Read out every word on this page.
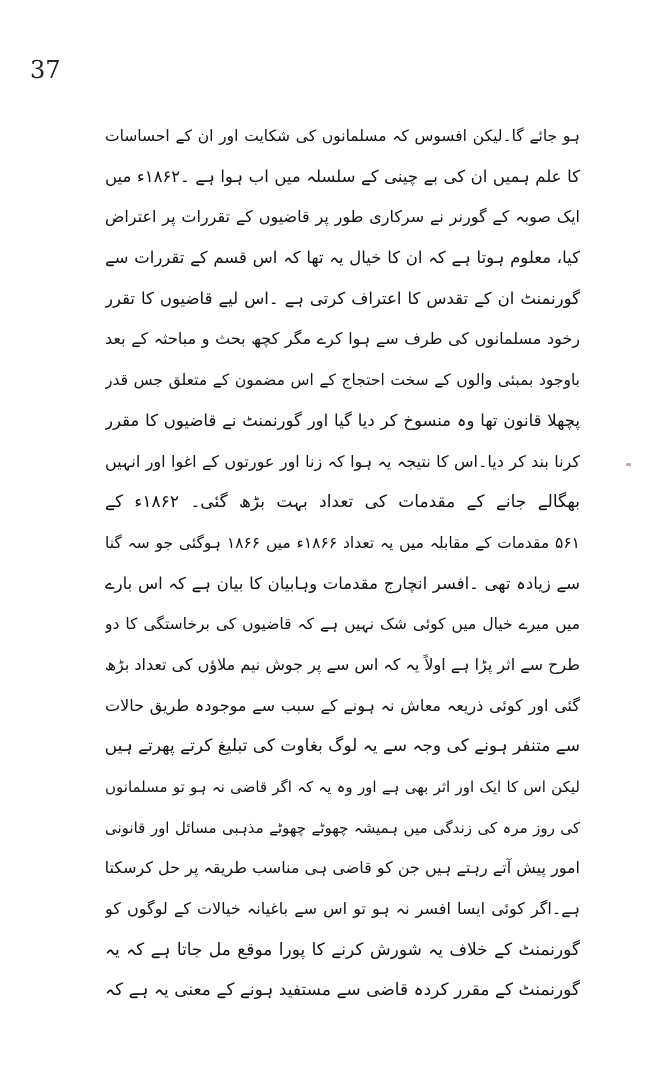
37
ہو جائے گا۔لیکن افسوس کہ مسلمانوں کی شکایت اور ان کے احساسات
کا علم ہمیں ان کی بے چینی کے سلسلہ میں اب ہوا ہے ۔۱۸۶۲ء میں
ایک صوبہ کے گورنر نے سرکاری طور پر قاضیوں کے تقررات پر اعتراض
کیا، معلوم ہوتا ہے کہ ان کا خیال یہ تھا کہ اس قسم کے تقررات سے
گورنمنٹ ان کے تقدس کا اعتراف کرتی ہے ۔اس لیے قاضیوں کا تقرر
رخود مسلمانوں کی طرف سے ہوا کرے مگر کچھ بحث و مباحثہ کے بعد
باوجود بمبئی والوں کے سخت احتجاج کے اس مضمون کے متعلق جس قدر
پچھلا قانون تھا وہ منسوخ کر دیا گیا اور گورنمنٹ نے قاضیوں کا مقرر
کرنا بند کر دیا۔اس کا نتیجہ یہ ہوا کہ زنا اور عورتوں کے اغوا اور انہیں
بھگالے جانے کے مقدمات کی تعداد بہت بڑھ گئی۔ ۱۸۶۲ء کے
۵۶۱ مقدمات کے مقابلہ میں یہ تعداد ۱۸۶۶ء میں ۱۸۶۶ ہوگئی جو سہ گنا
سے زیادہ تھی ۔افسر انچارج مقدمات وہابیان کا بیان ہے کہ اس بارے
میں میرے خیال میں کوئی شک نہیں ہے کہ قاضیوں کی برخاستگی کا دو
طرح سے اثر پڑا ہے اولاً یہ کہ اس سے پر جوش نیم ملاؤں کی تعداد بڑھ
گئی اور کوئی ذریعہ معاش نہ ہونے کے سبب سے موجودہ طریق حالات
سے متنفر ہونے کی وجہ سے یہ لوگ بغاوت کی تبلیغ کرتے پھرتے ہیں
لیکن اس کا ایک اور اثر بھی ہے اور وہ یہ کہ اگر قاضی نہ ہو تو مسلمانوں
کی روز مرہ کی زندگی میں ہمیشہ چھوٹے چھوٹے مذہبی مسائل اور قانونی
امور پیش آتے رہتے ہیں جن کو قاضی ہی مناسب طریقہ پر حل کرسکتا
ہے۔اگر کوئی ایسا افسر نہ ہو تو اس سے باغیانہ خیالات کے لوگوں کو
گورنمنٹ کے خلاف یہ شورش کرنے کا پورا موقع مل جاتا ہے کہ یہ
گورنمنٹ کے مقرر کردہ قاضی سے مستفید ہونے کے معنی یہ ہے کہ
